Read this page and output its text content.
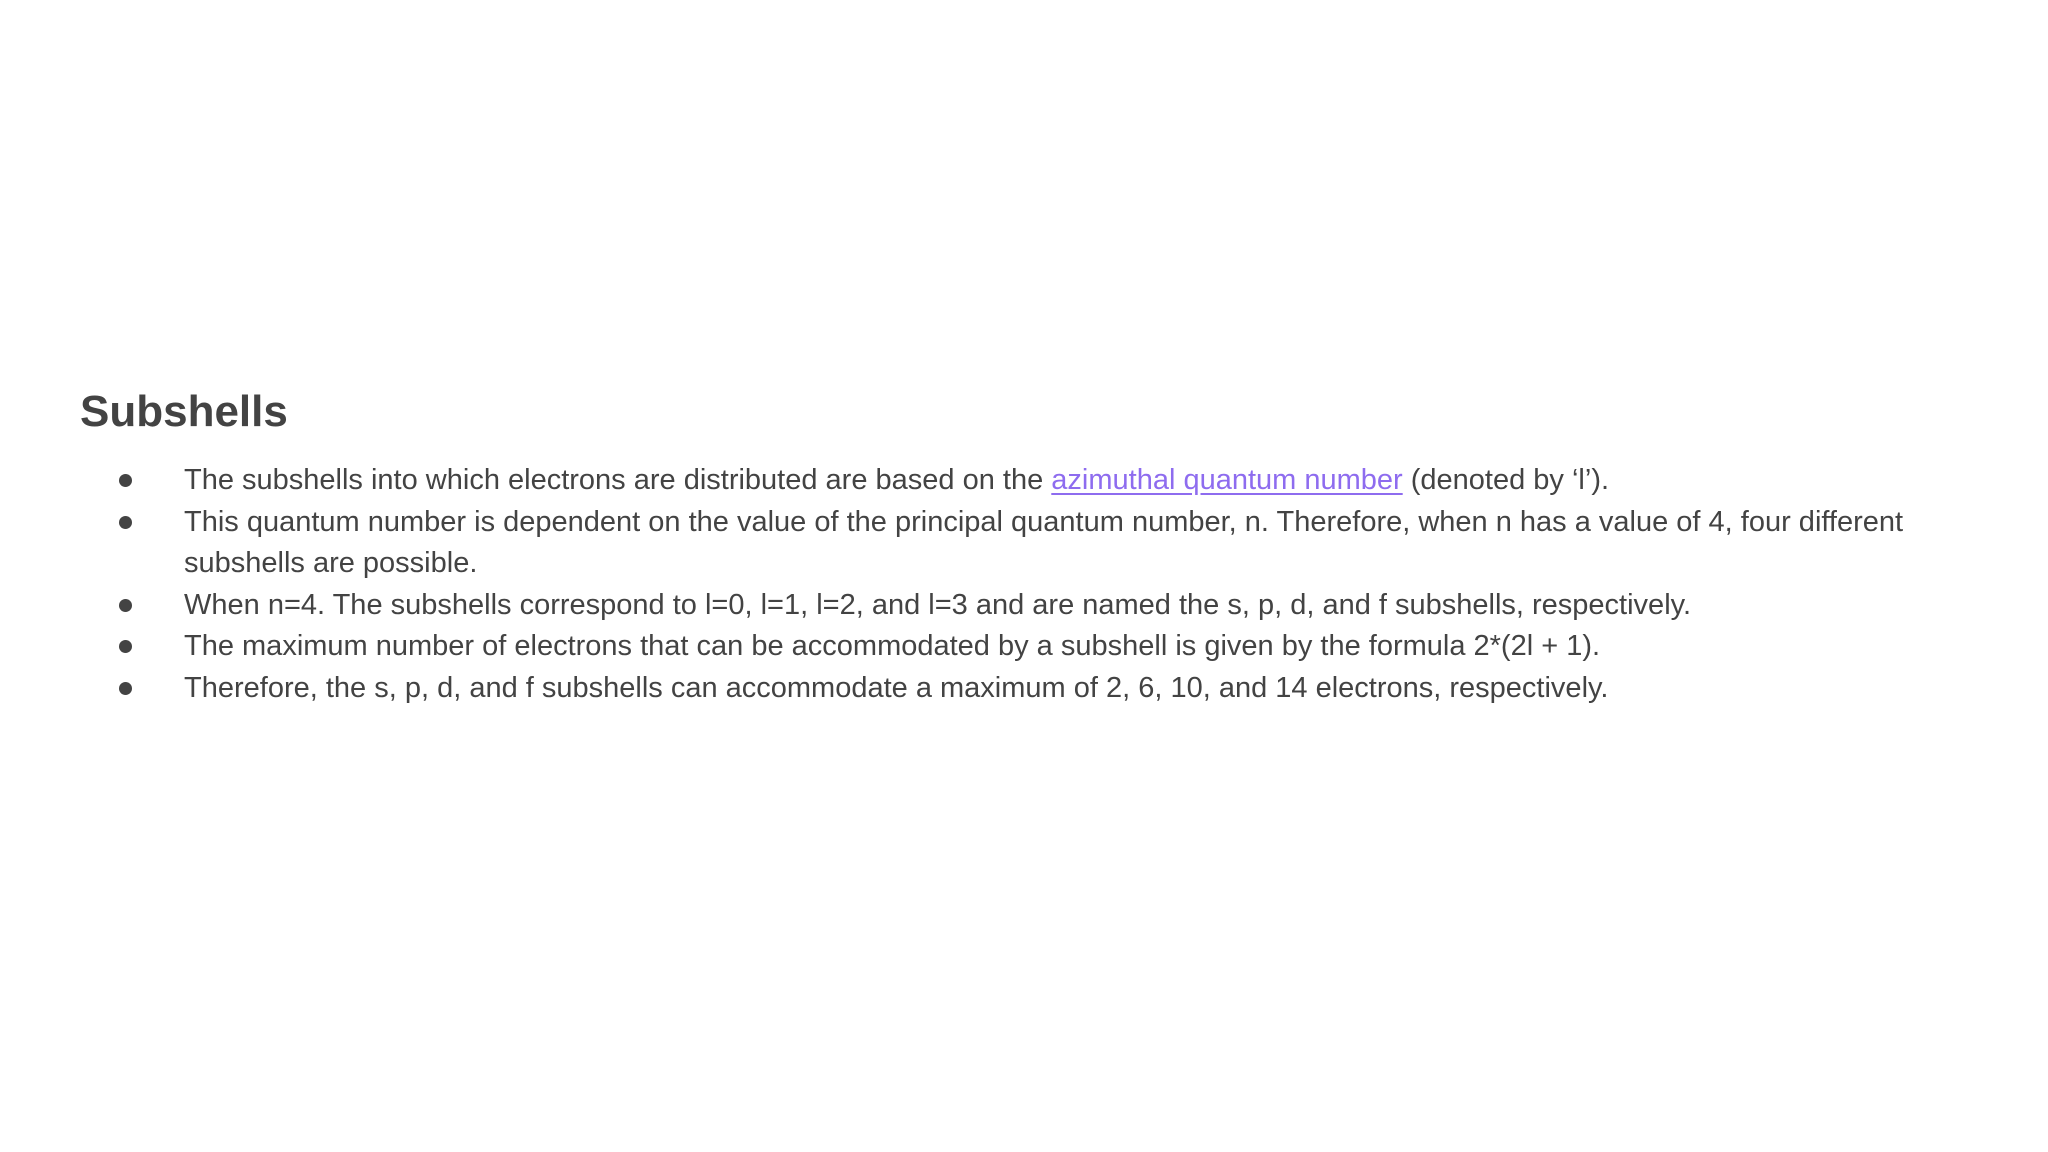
Subshells
The subshells into which electrons are distributed are based on the azimuthal quantum number (denoted by ‘l’).
This quantum number is dependent on the value of the principal quantum number, n. Therefore, when n has a value of 4, four different subshells are possible.
When n=4. The subshells correspond to l=0, l=1, l=2, and l=3 and are named the s, p, d, and f subshells, respectively.
The maximum number of electrons that can be accommodated by a subshell is given by the formula 2*(2l + 1).
Therefore, the s, p, d, and f subshells can accommodate a maximum of 2, 6, 10, and 14 electrons, respectively.
